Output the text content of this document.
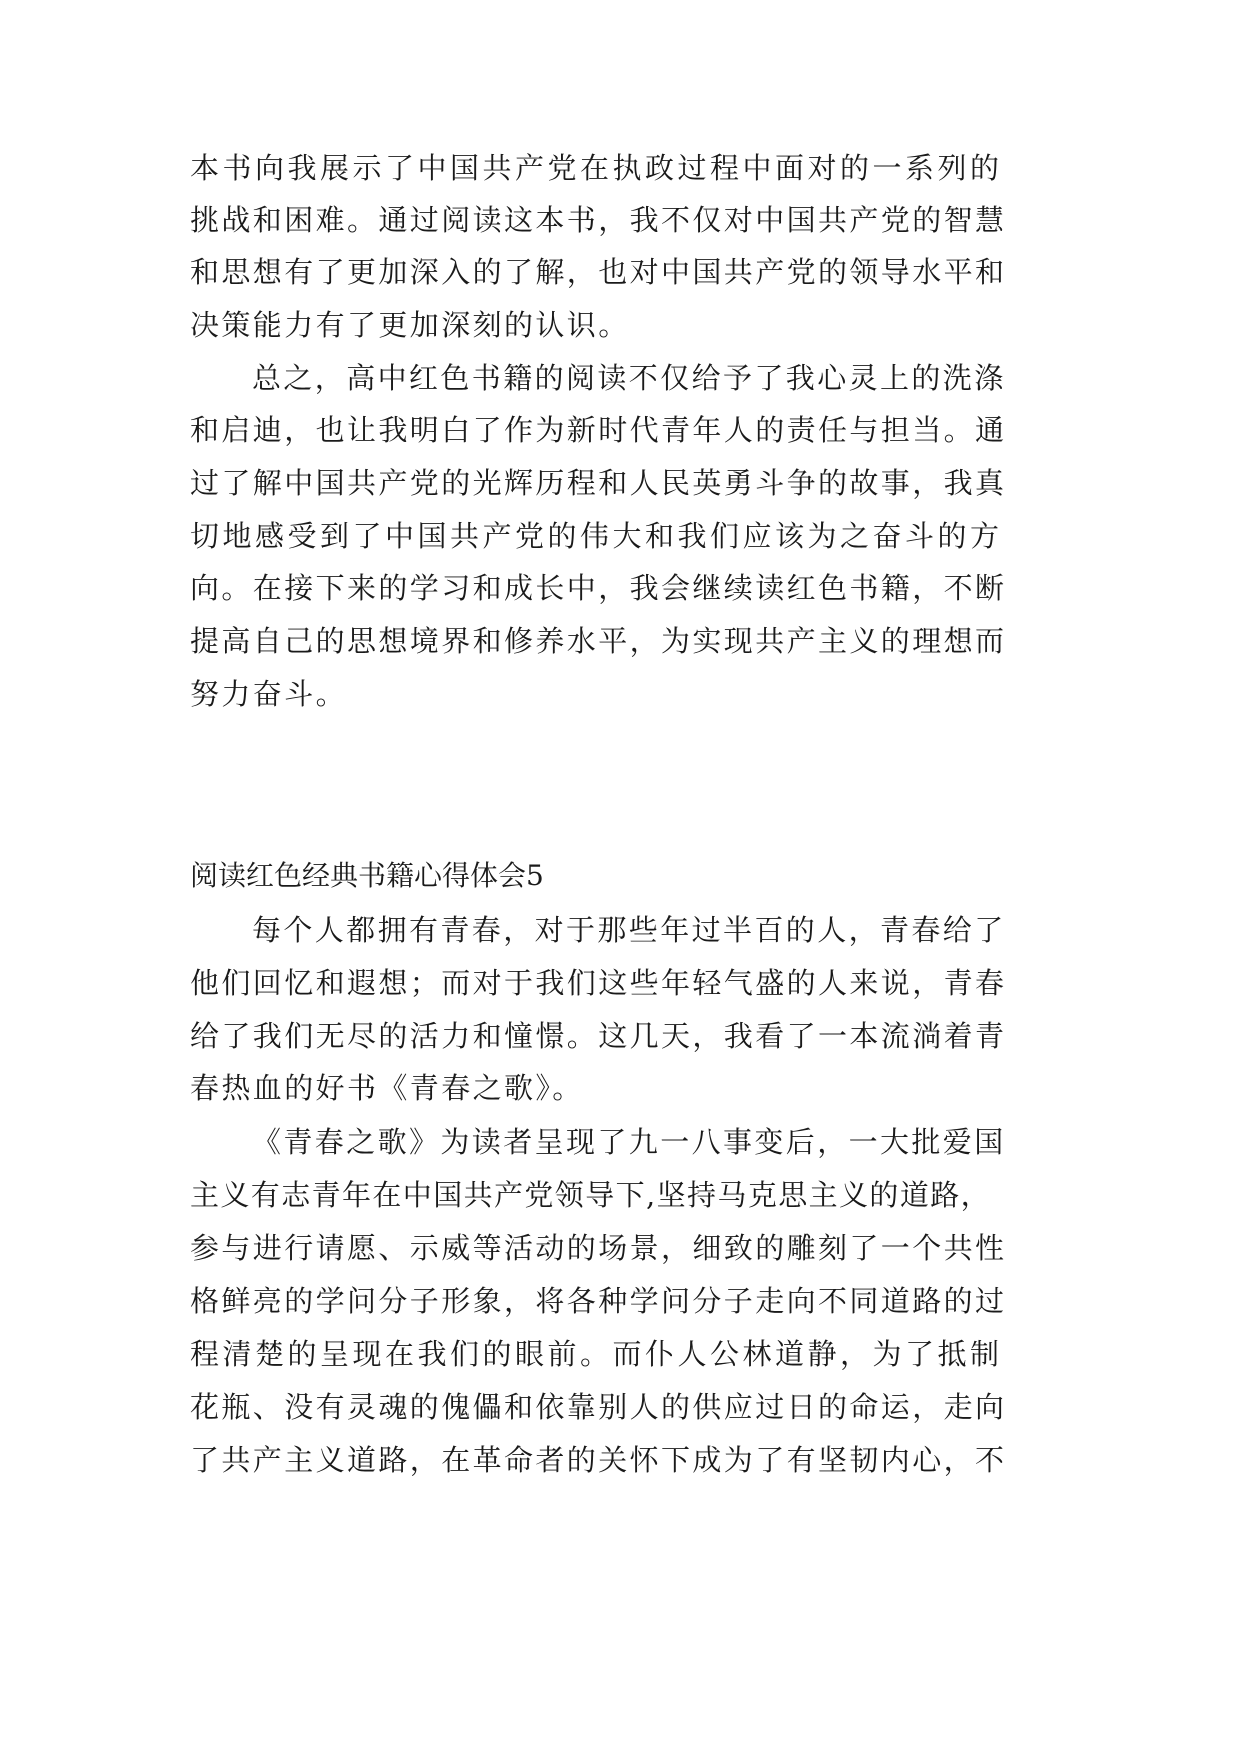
本书向我展示了中国共产党在执政过程中面对的一系列的
挑战和困难。通过阅读这本书，我不仅对中国共产党的智慧
和思想有了更加深入的了解，也对中国共产党的领导水平和
决策能力有了更加深刻的认识。
总之，高中红色书籍的阅读不仅给予了我心灵上的洗涤
和启迪，也让我明白了作为新时代青年人的责任与担当。通
过了解中国共产党的光辉历程和人民英勇斗争的故事，我真
切地感受到了中国共产党的伟大和我们应该为之奋斗的方
向。在接下来的学习和成长中，我会继续读红色书籍，不断
提高自己的思想境界和修养水平，为实现共产主义的理想而
努力奋斗。
阅读红色经典书籍心得体会5
每个人都拥有青春，对于那些年过半百的人，青春给了
他们回忆和遐想；而对于我们这些年轻气盛的人来说，青春
给了我们无尽的活力和憧憬。这几天，我看了一本流淌着青
春热血的好书《青春之歌》。
《青春之歌》为读者呈现了九一八事变后，一大批爱国
主义有志青年在中国共产党领导下,坚持马克思主义的道路，
参与进行请愿、示威等活动的场景，细致的雕刻了一个共性
格鲜亮的学问分子形象，将各种学问分子走向不同道路的过
程清楚的呈现在我们的眼前。而仆人公林道静，为了抵制
花瓶、没有灵魂的傀儡和依靠别人的供应过日的命运，走向
了共产主义道路，在革命者的关怀下成为了有坚韧内心，不
